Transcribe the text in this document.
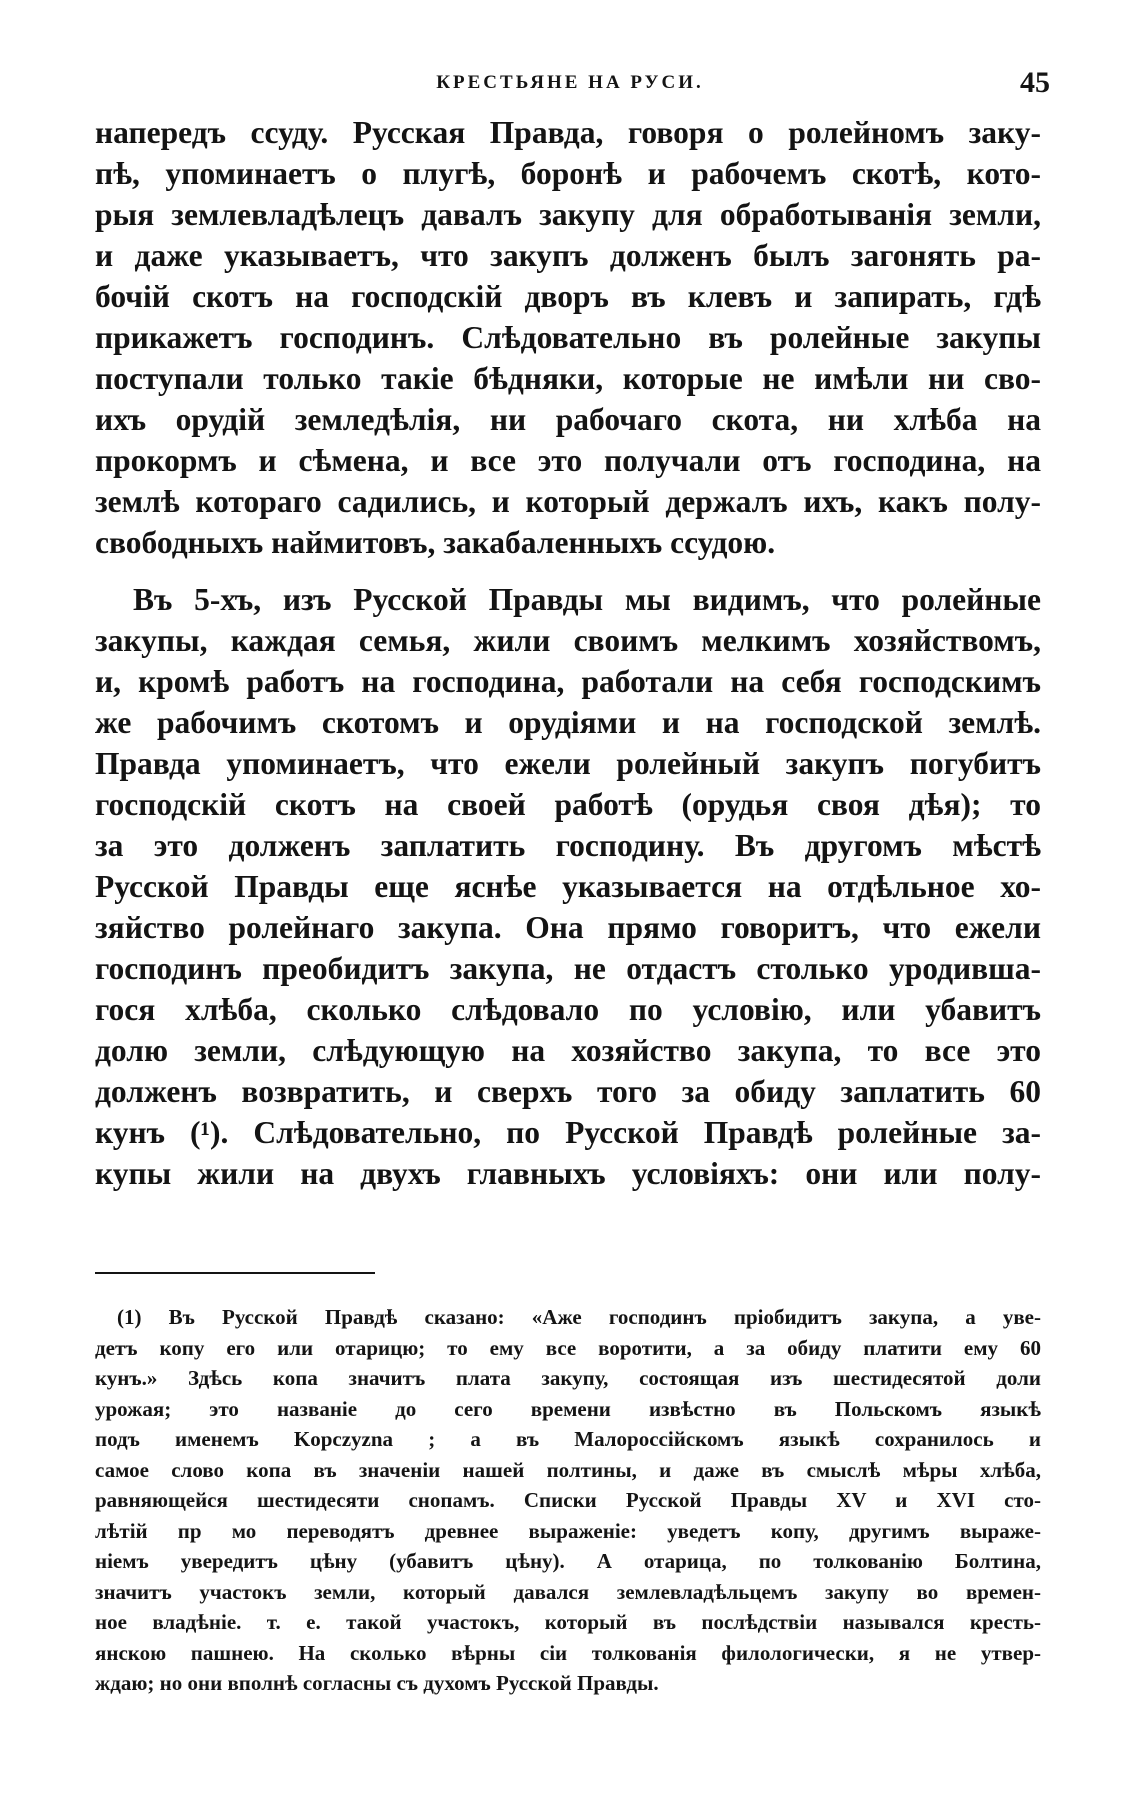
КРЕСТЬЯНЕ НА РУСИ.	45
напередъ ссуду. Русская Правда, говоря о ролейномъ заку-
пѣ, упоминаетъ о плугѣ, боронѣ и рабочемъ скотѣ, кото-
рыя землевладѣлецъ давалъ закупу для обработыванія земли,
и даже указываетъ, что закупъ долженъ былъ загонять ра-
бочій скотъ на господскій дворъ въ клевъ и запирать, гдѣ
прикажетъ господинъ. Слѣдовательно въ ролейные закупы
поступали только такіе бѣдняки, которые не имѣли ни сво-
ихъ орудій земледѣлія, ни рабочаго скота, ни хлѣба на
прокормъ и сѣмена, и все это получали отъ господина, на
землѣ котораго садились, и который держалъ ихъ, какъ полу-
свободныхъ наймитовъ, закабаленныхъ ссудою.
Въ 5-хъ, изъ Русской Правды мы видимъ, что ролейные
закупы, каждая семья, жили своимъ мелкимъ хозяйствомъ,
и, кромѣ работъ на господина, работали на себя господскимъ
же рабочимъ скотомъ и орудіями и на господской землѣ.
Правда упоминаетъ, что ежели ролейный закупъ погубитъ
господскій скотъ на своей работѣ (орудья своя дѣя); то
за это долженъ заплатить господину. Въ другомъ мѣстѣ
Русской Правды еще яснѣе указывается на отдѣльное хо-
зяйство ролейнаго закупа. Она прямо говоритъ, что ежели
господинъ преобидитъ закупа, не отдастъ столько уродивша-
гося хлѣба, сколько слѣдовало по условію, или убавитъ
долю земли, слѣдующую на хозяйство закупа, то все это
долженъ возвратить, и сверхъ того за обиду заплатить 60
кунъ (¹). Слѣдовательно, по Русской Правдѣ ролейные за-
купы жили на двухъ главныхъ условіяхъ: они или полу-
(1) Въ Русской Правдѣ сказано: «Аже господинъ пріобидитъ закупа, а уве-
детъ копу его или отарицю; то ему все воротити, а за обиду платити ему 60
кунъ.» Здѣсь копа значитъ плата закупу, состоящая изъ шестидесятой доли
урожая; это названіе до сего времени извѣстно въ Польскомъ языкѣ
подъ именемъ Kopczyzna ; а въ Малороссійскомъ языкѣ сохранилось и
самое слово копа въ значеніи нашей полтины, и даже въ смыслѣ мѣры хлѣба,
равняющейся шестидесяти снопамъ. Списки Русской Правды XV и XVI сто-
лѣтій пр мо переводятъ древнее выраженіе: уведетъ копу, другимъ выраже-
ніемъ увередитъ цѣну (убавитъ цѣну). А отарица, по толкованію Болтина,
значитъ участокъ земли, который давался землевладѣльцемъ закупу во времен-
ное владѣніе. т. е. такой участокъ, который въ послѣдствіи назывался кресть-
янскою пашнею. На сколько вѣрны сіи толкованія филологически, я не утвер-
ждаю; но они вполнѣ согласны съ духомъ Русской Правды.
